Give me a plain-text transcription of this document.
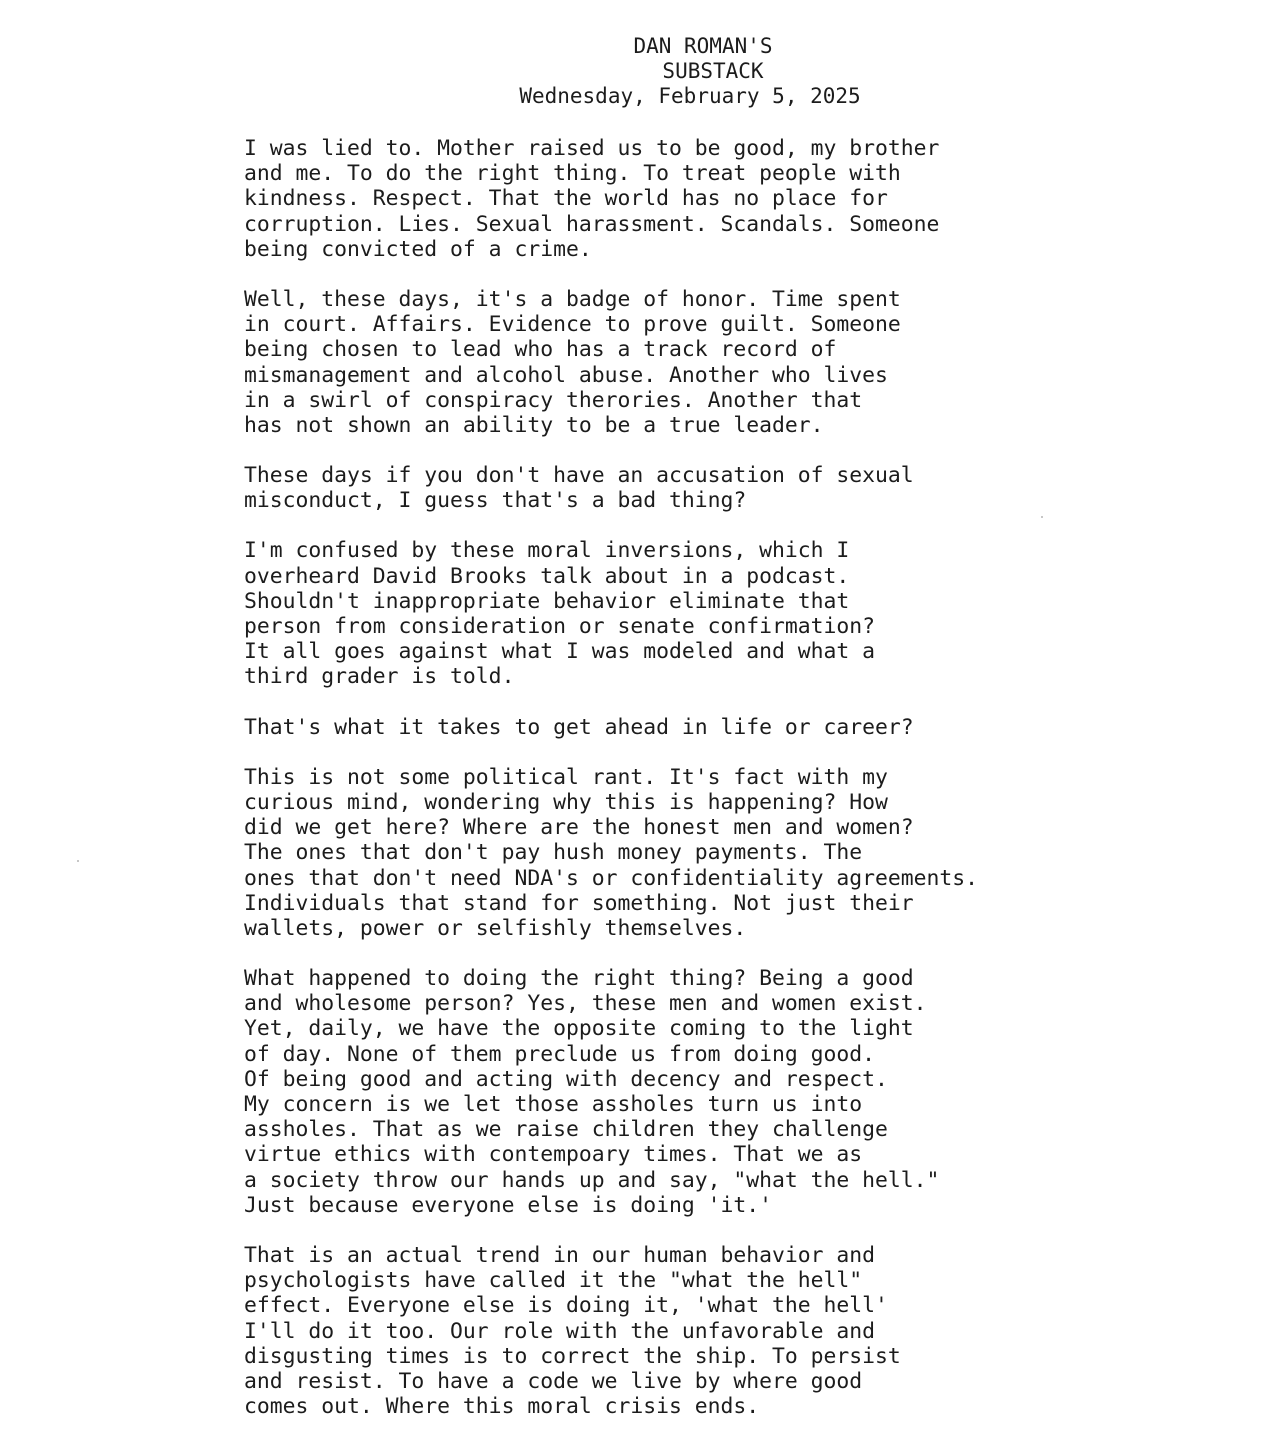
DAN ROMAN'S

SUBSTACK

Wednesday, February 5, 2025

I was lied to. Mother raised us to be good, my brother
and me. To do the right thing. To treat people with
kindness. Respect. That the world has no place for
corruption. Lies. Sexual harassment. Scandals. Someone
being convicted of a crime.
Well, these days, it's a badge of honor. Time spent
in court. Affairs. Evidence to prove guilt. Someone
being chosen to lead who has a track record of
mismanagement and alcohol abuse. Another who lives
in a swirl of conspiracy therories. Another that
has not shown an ability to be a true leader.
These days if you don't have an accusation of sexual
misconduct, I guess that's a bad thing?
I'm confused by these moral inversions, which I
overheard David Brooks talk about in a podcast.
Shouldn't inappropriate behavior eliminate that
person from consideration or senate confirmation?
It all goes against what I was modeled and what a
third grader is told.
That's what it takes to get ahead in life or career?
This is not some political rant. It's fact with my
curious mind, wondering why this is happening? How
did we get here? Where are the honest men and women?
The ones that don't pay hush money payments. The
ones that don't need NDA's or confidentiality agreements.
Individuals that stand for something. Not just their
wallets, power or selfishly themselves.
What happened to doing the right thing? Being a good
and wholesome person? Yes, these men and women exist.
Yet, daily, we have the opposite coming to the light
of day. None of them preclude us from doing good.
Of being good and acting with decency and respect.
My concern is we let those assholes turn us into
assholes. That as we raise children they challenge
virtue ethics with contempoary times. That we as
a society throw our hands up and say, "what the hell."
Just because everyone else is doing 'it.'
That is an actual trend in our human behavior and
psychologists have called it the "what the hell"
effect. Everyone else is doing it, 'what the hell'
I'll do it too. Our role with the unfavorable and
disgusting times is to correct the ship. To persist
and resist. To have a code we live by where good
comes out. Where this moral crisis ends.
